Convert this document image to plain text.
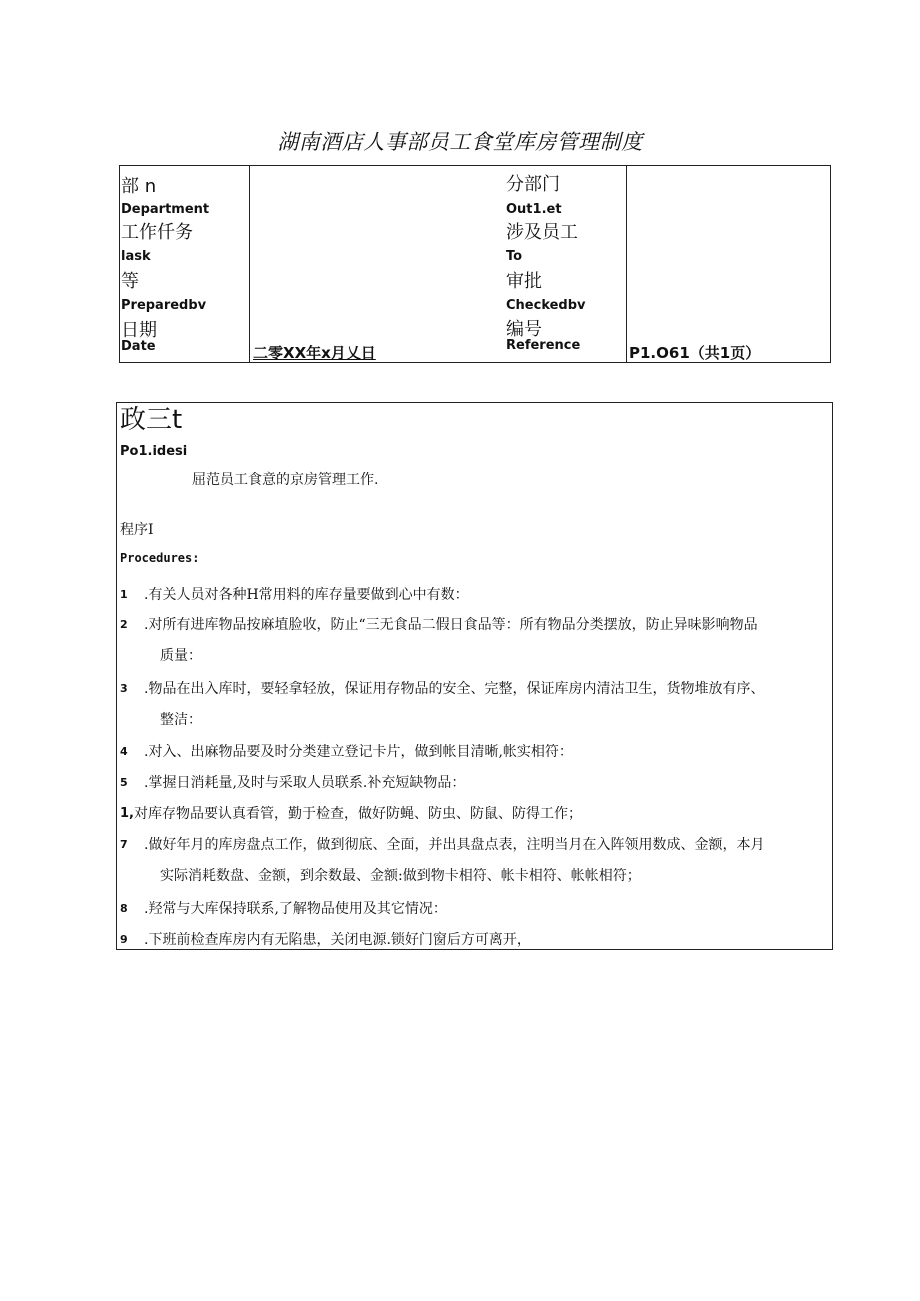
湖南酒店人事部员工食堂库房管理制度
部 n
Department
工作仟务
lask
等
Preparedbv
日期
Date
分部门
Out1.et
涉及员工
To
审批
Checkedbv
编号
Reference
二零XX年x月乂日	P1.O61（共1页）
政三t
Po1.idesi
屈范员工食意的京房管理工作.
程序I
Procedures:
1 .有关人员对各种H常用料的库存量要做到心中有数：
2 .对所有进库物品按麻埴脸收，防止“三无食品二假日食品等：所有物品分类摆放，防止异味影响物品
质量：
3 .物品在出入库时，要轻拿轻放，保证用存物品的安全、完整，保证库房内清沽卫生，货物堆放有序、
整洁：
4 .对入、出麻物品要及时分类建立登记卡片，做到帐目清晰,帐实相符：
5 .掌握日消耗量,及时与采取人员联系.补充短缺物品：
1, 对库存物品要认真看管，勤于检查，做好防蝇、防虫、防鼠、防得工作；
7 .做好年月的库房盘点工作，做到彻底、全面，并出具盘点表，注明当月在入阵领用数成、金额，本月
实际消耗数盘、金额，到余数最、金额:做到物卡相符、帐卡相符、帐帐相符；
8 .羟常与大库保持联系,了解物品使用及其它情况：
9 .下班前检查库房内有无陷患，关闭电源.锁好门窗后方可离开，
